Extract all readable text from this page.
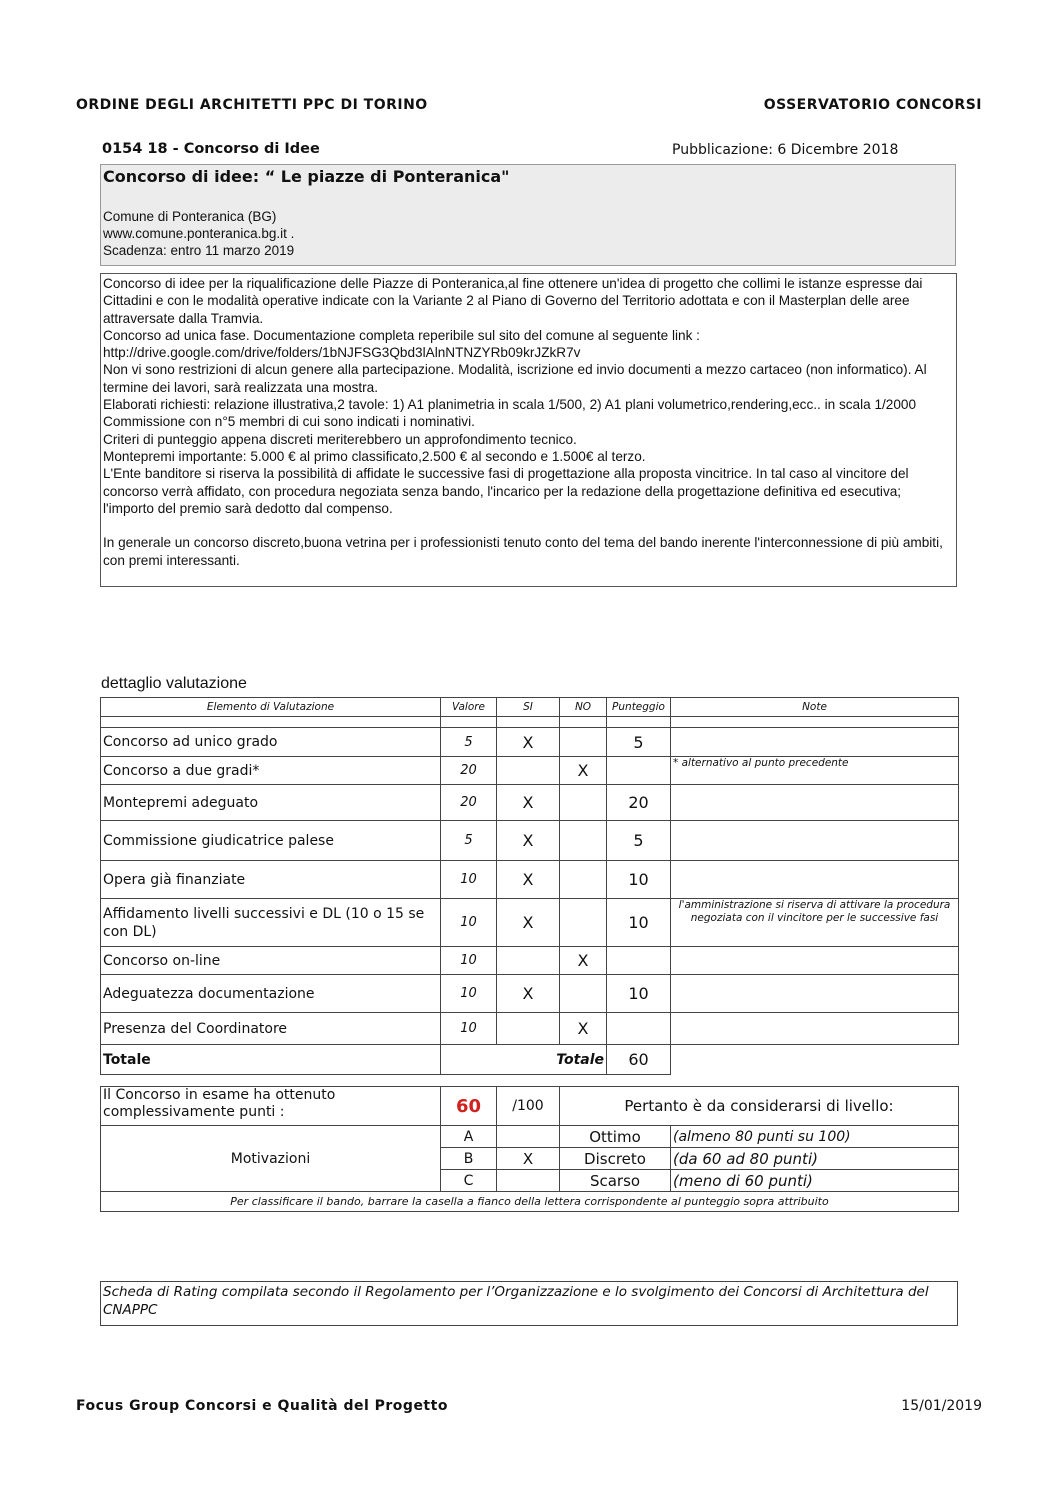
ORDINE DEGLI ARCHITETTI PPC DI TORINO	OSSERVATORIO CONCORSI
0154 18 - Concorso di Idee	Pubblicazione: 6 Dicembre 2018
Concorso di idee: “ Le piazze di Ponteranica"
Comune di Ponteranica (BG)
www.comune.ponteranica.bg.it .
Scadenza: entro 11 marzo 2019

Concorso di idee per la riqualificazione delle Piazze di Ponteranica,al fine ottenere un'idea di progetto che collimi le istanze espresse dai Cittadini e con le modalità operative indicate con la Variante 2 al Piano di Governo del Territorio adottata e con il Masterplan delle aree attraversate dalla Tramvia.

Concorso ad unica fase. Documentazione completa reperibile sul sito del comune al seguente link :

http://drive.google.com/drive/folders/1bNJFSG3Qbd3lAlnNTNZYRb09krJZkR7v

Non vi sono restrizioni di alcun genere alla partecipazione. Modalità, iscrizione ed invio documenti a mezzo cartaceo (non informatico). Al termine dei lavori, sarà realizzata una mostra.

Elaborati richiesti: relazione illustrativa,2 tavole: 1) A1 planimetria in scala 1/500, 2) A1 plani volumetrico,rendering,ecc.. in scala 1/2000

Commissione con n°5 membri di cui sono indicati i nominativi.

Criteri di punteggio appena discreti meriterebbero un approfondimento tecnico.

Montepremi importante: 5.000 € al primo classificato,2.500 € al secondo e 1.500€ al terzo.

L'Ente banditore si riserva la possibilità di affidate le successive fasi di progettazione alla proposta vincitrice. In tal caso al vincitore del concorso verrà affidato, con procedura negoziata senza bando, l'incarico per la redazione della progettazione definitiva ed esecutiva; l'importo del premio sarà dedotto dal compenso.

In generale un concorso discreto,buona vetrina per i professionisti tenuto conto del tema del bando inerente l'interconnessione di più ambiti, con premi interessanti.

dettaglio valutazione
Elemento di Valutazione	Valore	SI	NO	Punteggio	Note

Concorso ad unico grado	5	X		5	
Concorso a due gradi*	20		X		* alternativo al punto precedente
Montepremi adeguato	20	X		20	
Commissione giudicatrice palese	5	X		5	
Opera già finanziate	10	X		10	
Affidamento livelli successivi e DL (10 o 15 se con DL)	10	X		10	l'amministrazione si riserva di attivare la procedura negoziata con il vincitore per le successive fasi
Concorso on-line	10		X		
Adeguatezza documentazione	10	X		10	
Presenza del Coordinatore	10		X		
Totale	Totale			60	
Il Concorso in esame ha ottenuto complessivamente punti :	60	/100	Pertanto è da considerarsi di livello:	
Motivazioni	A		Ottimo	(almeno 80 punti su 100)
	B	X	Discreto	(da 60 ad 80 punti)
	C		Scarso	(meno di 60 punti)
Per classificare il bando, barrare la casella a fianco della lettera corrispondente al punteggio sopra attribuito				
Scheda di Rating compilata secondo il Regolamento per l’Organizzazione e lo svolgimento dei Concorsi di Architettura del CNAPPC
Focus Group Concorsi e Qualità del Progetto	15/01/2019
